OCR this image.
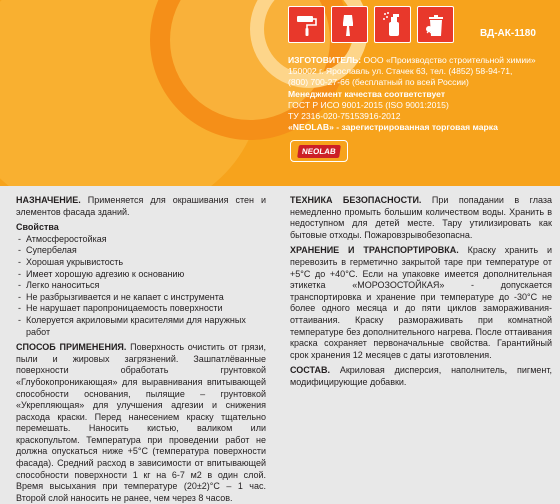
ВД-АК-1180
ИЗГОТОВИТЕЛЬ: ООО «Производство строительной химии»
150002 г. Ярославль ул. Стачек 63, тел. (4852) 58-94-71,
(800) 700-27-66 (бесплатный по всей России)
Менеджмент качества соответствует
ГОСТ Р ИСО 9001-2015 (ISO 9001:2015)
ТУ 2316-020-75153916-2012
«NEOLAB» - зарегистрированная торговая марка
NEOLAB
НАЗНАЧЕНИЕ. Применяется для окрашивания стен и элементов фасада зданий.
Свойства
- Атмосферостойкая
- Супербелая
- Хорошая укрывистость
- Имеет хорошую адгезию к основанию
- Легко наноситься
- Не разбрызгивается и не капает с инструмента
- Не нарушает паропроницаемость поверхности
- Колеруется акриловыми красителями для наружных работ
СПОСОБ ПРИМЕНЕНИЯ. Поверхность очистить от грязи, пыли и жировых загрязнений. Зашпатлёванные поверхности обработать грунтовкой «Глубокопроникающая» для выравнивания впитывающей способности основания, пылящие – грунтовкой «Укрепляющая» для улучшения адгезии и снижения расхода краски. Перед нанесением краску тщательно перемешать. Наносить кистью, валиком или краскопультом. Температура при проведении работ не должна опускаться ниже +5°С (температура поверхности фасада). Средний расход в зависимости от впитывающей способности поверхности 1 кг на 6-7 м2 в один слой. Время высыхания при температуре (20±2)°С – 1 час. Второй слой наносить не ранее, чем через 8 часов.
ТЕХНИКА БЕЗОПАСНОСТИ. При попадании в глаза немедленно промыть большим количеством воды. Хранить в недоступном для детей месте. Тару утилизировать как бытовые отходы. Пожаровзрывобезопасна.
ХРАНЕНИЕ И ТРАНСПОРТИРОВКА. Краску хранить и перевозить в герметично закрытой таре при температуре от +5°С до +40°С. Если на упаковке имеется дополнительная этикетка «МОРОЗОСТОЙКАЯ» - допускается транспортировка и хранение при температуре до -30°С не более одного месяца и до пяти циклов замораживания-оттаивания. Краску размораживать при комнатной температуре без дополнительного нагрева. После оттаивания краска сохраняет первоначальные свойства. Гарантийный срок хранения 12 месяцев с даты изготовления.
СОСТАВ. Акриловая дисперсия, наполнитель, пигмент, модифицирующие добавки.
